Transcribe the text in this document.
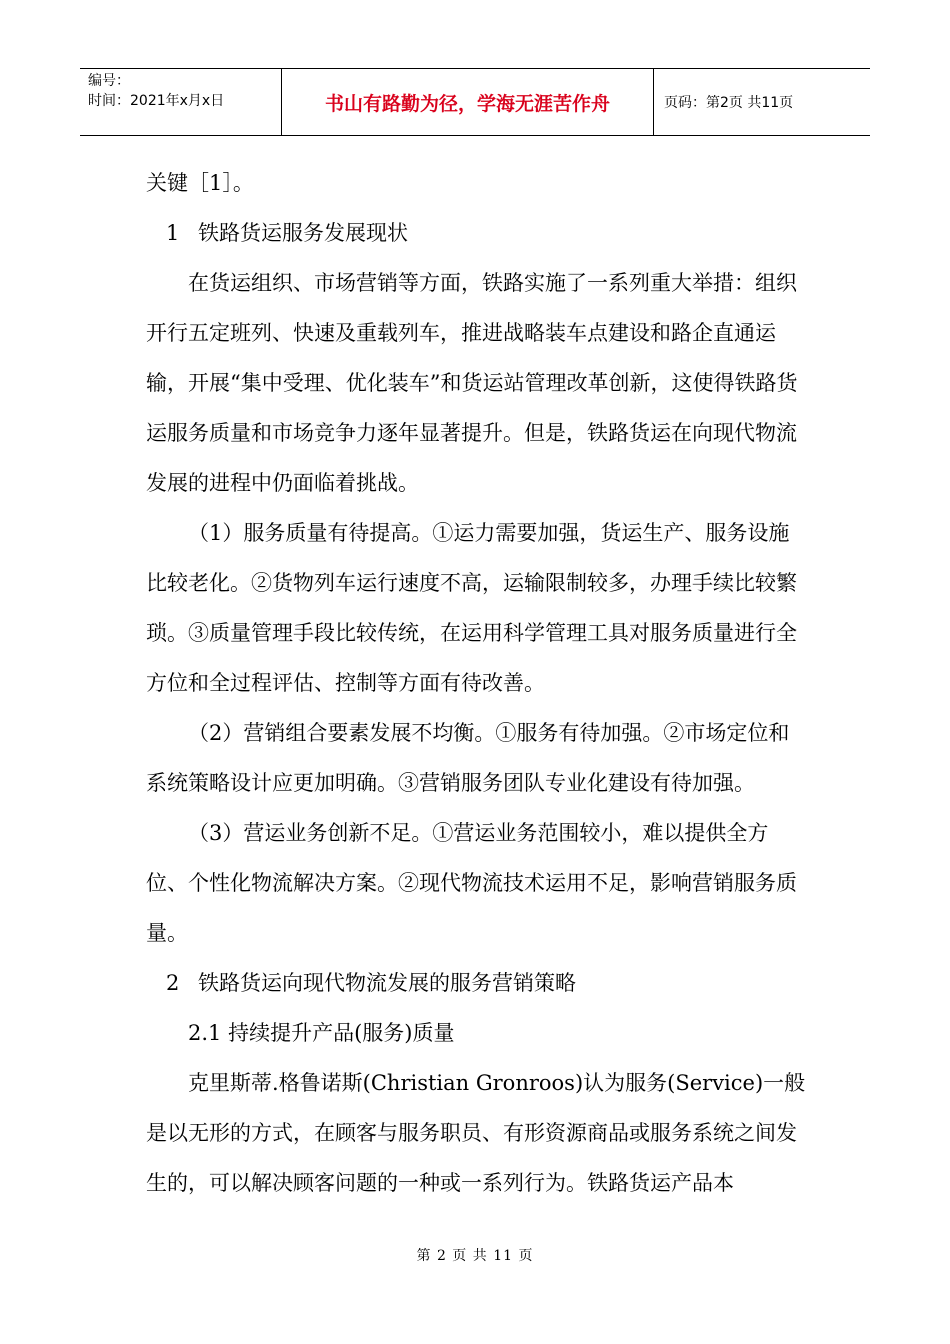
编号：
时间：2021年x月x日	书山有路勤为径，学海无涯苦作舟	页码：第2页 共11页

关键［1］。

1 铁路货运服务发展现状

在货运组织、市场营销等方面，铁路实施了一系列重大举措：组织开行五定班列、快速及重载列车，推进战略装车点建设和路企直通运输，开展“集中受理、优化装车”和货运站管理改革创新，这使得铁路货运服务质量和市场竞争力逐年显著提升。但是，铁路货运在向现代物流发展的进程中仍面临着挑战。

（1）服务质量有待提高。①运力需要加强，货运生产、服务设施比较老化。②货物列车运行速度不高，运输限制较多，办理手续比较繁琐。③质量管理手段比较传统，在运用科学管理工具对服务质量进行全方位和全过程评估、控制等方面有待改善。

（2）营销组合要素发展不均衡。①服务有待加强。②市场定位和系统策略设计应更加明确。③营销服务团队专业化建设有待加强。

（3）营运业务创新不足。①营运业务范围较小，难以提供全方位、个性化物流解决方案。②现代物流技术运用不足，影响营销服务质量。

2 铁路货运向现代物流发展的服务营销策略

2.1 持续提升产品(服务)质量

克里斯蒂.格鲁诺斯(Christian Gronroos)认为服务(Service)一般是以无形的方式，在顾客与服务职员、有形资源商品或服务系统之间发生的，可以解决顾客问题的一种或一系列行为。铁路货运产品本

第 2 页 共 11 页
